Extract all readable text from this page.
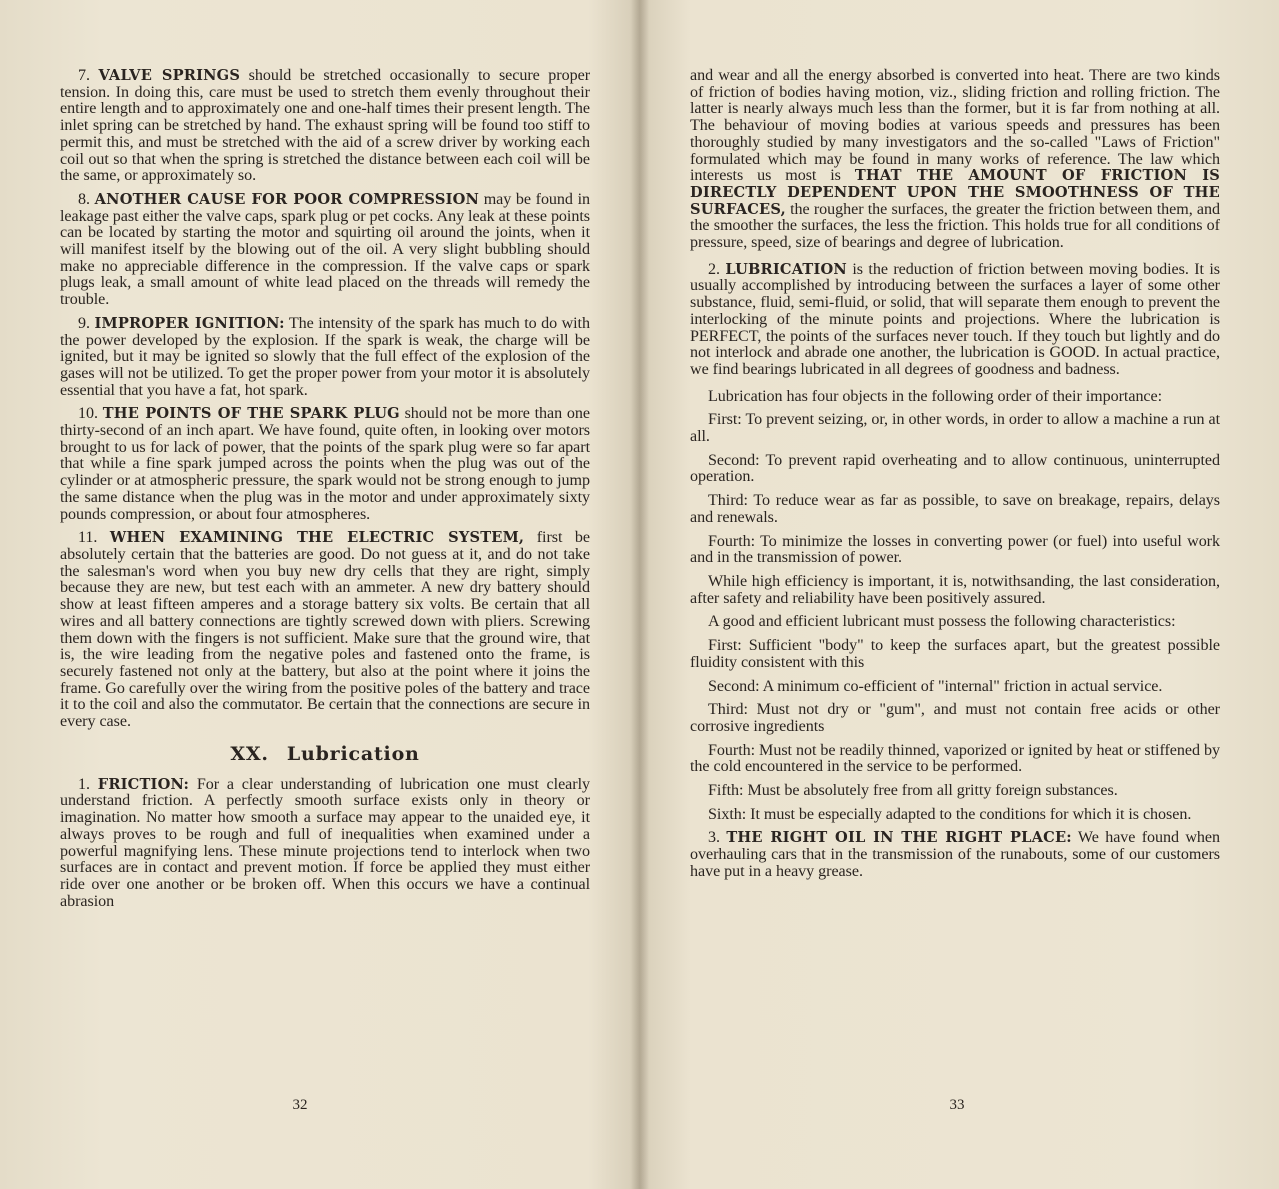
7. VALVE SPRINGS should be stretched occasionally to secure proper tension. In doing this, care must be used to stretch them evenly throughout their entire length and to approximately one and one-half times their present length. The inlet spring can be stretched by hand. The exhaust spring will be found too stiff to permit this, and must be stretched with the aid of a screw driver by working each coil out so that when the spring is stretched the distance between each coil will be the same, or approximately so.

8. ANOTHER CAUSE FOR POOR COMPRESSION may be found in leakage past either the valve caps, spark plug or pet cocks. Any leak at these points can be located by starting the motor and squirting oil around the joints, when it will manifest itself by the blowing out of the oil. A very slight bubbling should make no appreciable difference in the compression. If the valve caps or spark plugs leak, a small amount of white lead placed on the threads will remedy the trouble.

9. IMPROPER IGNITION: The intensity of the spark has much to do with the power developed by the explosion. If the spark is weak, the charge will be ignited, but it may be ignited so slowly that the full effect of the explosion of the gases will not be utilized. To get the proper power from your motor it is absolutely essential that you have a fat, hot spark.

10. THE POINTS OF THE SPARK PLUG should not be more than one thirty-second of an inch apart. We have found, quite often, in looking over motors brought to us for lack of power, that the points of the spark plug were so far apart that while a fine spark jumped across the points when the plug was out of the cylinder or at atmospheric pressure, the spark would not be strong enough to jump the same distance when the plug was in the motor and under approximately sixty pounds compression, or about four atmospheres.

11. WHEN EXAMINING THE ELECTRIC SYSTEM, first be absolutely certain that the batteries are good. Do not guess at it, and do not take the salesman's word when you buy new dry cells that they are right, simply because they are new, but test each with an ammeter. A new dry battery should show at least fifteen amperes and a storage battery six volts. Be certain that all wires and all battery connections are tightly screwed down with pliers. Screwing them down with the fingers is not sufficient. Make sure that the ground wire, that is, the wire leading from the negative poles and fastened onto the frame, is securely fastened not only at the battery, but also at the point where it joins the frame. Go carefully over the wiring from the positive poles of the battery and trace it to the coil and also the commutator. Be certain that the connections are secure in every case.

XX. Lubrication

1. FRICTION: For a clear understanding of lubrication one must clearly understand friction. A perfectly smooth surface exists only in theory or imagination. No matter how smooth a surface may appear to the unaided eye, it always proves to be rough and full of inequalities when examined under a powerful magnifying lens. These minute projections tend to interlock when two surfaces are in contact and prevent motion. If force be applied they must either ride over one another or be broken off. When this occurs we have a continual abrasion

32

and wear and all the energy absorbed is converted into heat. There are two kinds of friction of bodies having motion, viz., sliding friction and rolling friction. The latter is nearly always much less than the former, but it is far from nothing at all. The behaviour of moving bodies at various speeds and pressures has been thoroughly studied by many investigators and the so-called "Laws of Friction" formulated which may be found in many works of reference. The law which interests us most is THAT THE AMOUNT OF FRICTION IS DIRECTLY DEPENDENT UPON THE SMOOTHNESS OF THE SURFACES, the rougher the surfaces, the greater the friction between them, and the smoother the surfaces, the less the friction. This holds true for all conditions of pressure, speed, size of bearings and degree of lubrication.

2. LUBRICATION is the reduction of friction between moving bodies. It is usually accomplished by introducing between the surfaces a layer of some other substance, fluid, semi-fluid, or solid, that will separate them enough to prevent the interlocking of the minute points and projections. Where the lubrication is PERFECT, the points of the surfaces never touch. If they touch but lightly and do not interlock and abrade one another, the lubrication is GOOD. In actual practice, we find bearings lubricated in all degrees of goodness and badness.

Lubrication has four objects in the following order of their importance:

First: To prevent seizing, or, in other words, in order to allow a machine a run at all.

Second: To prevent rapid overheating and to allow continuous, uninterrupted operation.

Third: To reduce wear as far as possible, to save on breakage, repairs, delays and renewals.

Fourth: To minimize the losses in converting power (or fuel) into useful work and in the transmission of power.

While high efficiency is important, it is, notwithsanding, the last consideration, after safety and reliability have been positively assured.

A good and efficient lubricant must possess the following characteristics:

First: Sufficient "body" to keep the surfaces apart, but the greatest possible fluidity consistent with this

Second: A minimum co-efficient of "internal" friction in actual service.

Third: Must not dry or "gum", and must not contain free acids or other corrosive ingredients

Fourth: Must not be readily thinned, vaporized or ignited by heat or stiffened by the cold encountered in the service to be performed.

Fifth: Must be absolutely free from all gritty foreign substances.

Sixth: It must be especially adapted to the conditions for which it is chosen.

3. THE RIGHT OIL IN THE RIGHT PLACE: We have found when overhauling cars that in the transmission of the runabouts, some of our customers have put in a heavy grease.

33
